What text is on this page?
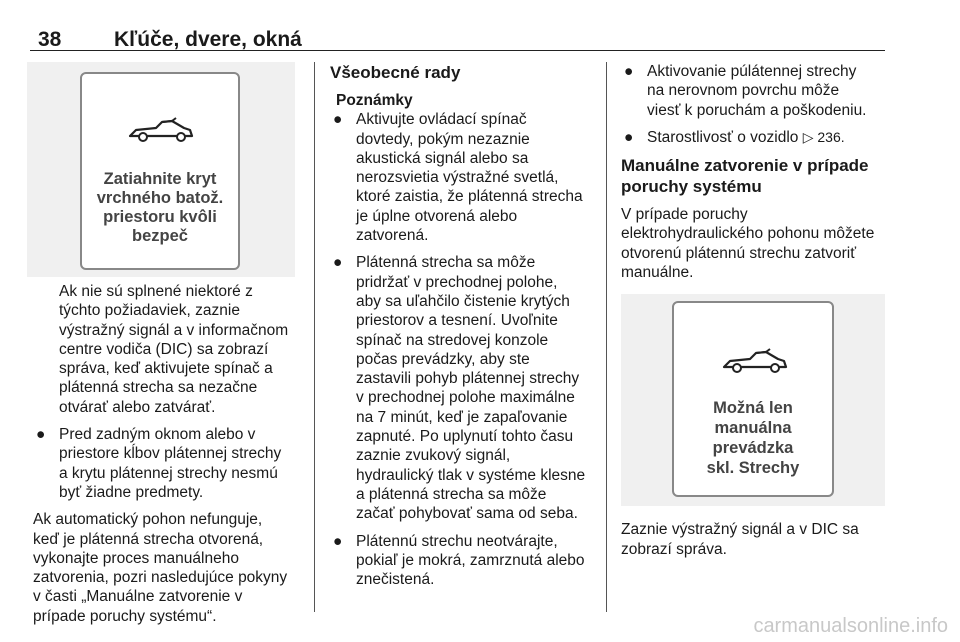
38	Kľúče, dvere, okná
Zatiahnite kryt
vrchného batož.
priestoru kvôli
bezpeč
Ak nie sú splnené niektoré z
týchto požiadaviek, zaznie
výstražný signál a v informačnom
centre vodiča (DIC) sa zobrazí
správa, keď aktivujete spínač a
plátenná strecha sa nezačne
otvárať alebo zatvárať.
● Pred zadným oknom alebo v
priestore kĺbov plátennej strechy
a krytu plátennej strechy nesmú
byť žiadne predmety.
Ak automatický pohon nefunguje,
keď je plátenná strecha otvorená,
vykonajte proces manuálneho
zatvorenia, pozri nasledujúce pokyny
v časti „Manuálne zatvorenie v
prípade poruchy systému“.
Všeobecné rady
Poznámky
● Aktivujte ovládací spínač
dovtedy, pokým nezaznie
akustická signál alebo sa
nerozsvietia výstražné svetlá,
ktoré zaistia, že plátenná strecha
je úplne otvorená alebo
zatvorená.
● Plátenná strecha sa môže
pridržať v prechodnej polohe,
aby sa uľahčilo čistenie krytých
priestorov a tesnení. Uvoľnite
spínač na stredovej konzole
počas prevádzky, aby ste
zastavili pohyb plátennej strechy
v prechodnej polohe maximálne
na 7 minút, keď je zapaľovanie
zapnuté. Po uplynutí tohto času
zaznie zvukový signál,
hydraulický tlak v systéme klesne
a plátenná strecha sa môže
začať pohybovať sama od seba.
● Plátennú strechu neotvárajte,
pokiaľ je mokrá, zamrznutá alebo
znečistená.
● Aktivovanie púlátennej strechy
na nerovnom povrchu môže
viesť k poruchám a poškodeniu.
● Starostlivosť o vozidlo ▷ 236.
Manuálne zatvorenie v prípade
poruchy systému
V prípade poruchy
elektrohydraulického pohonu môžete
otvorenú plátennú strechu zatvoriť
manuálne.
Možná len
manuálna
prevádzka
skl. Strechy
Zaznie výstražný signál a v DIC sa
zobrazí správa.
carmanualsonline.info
